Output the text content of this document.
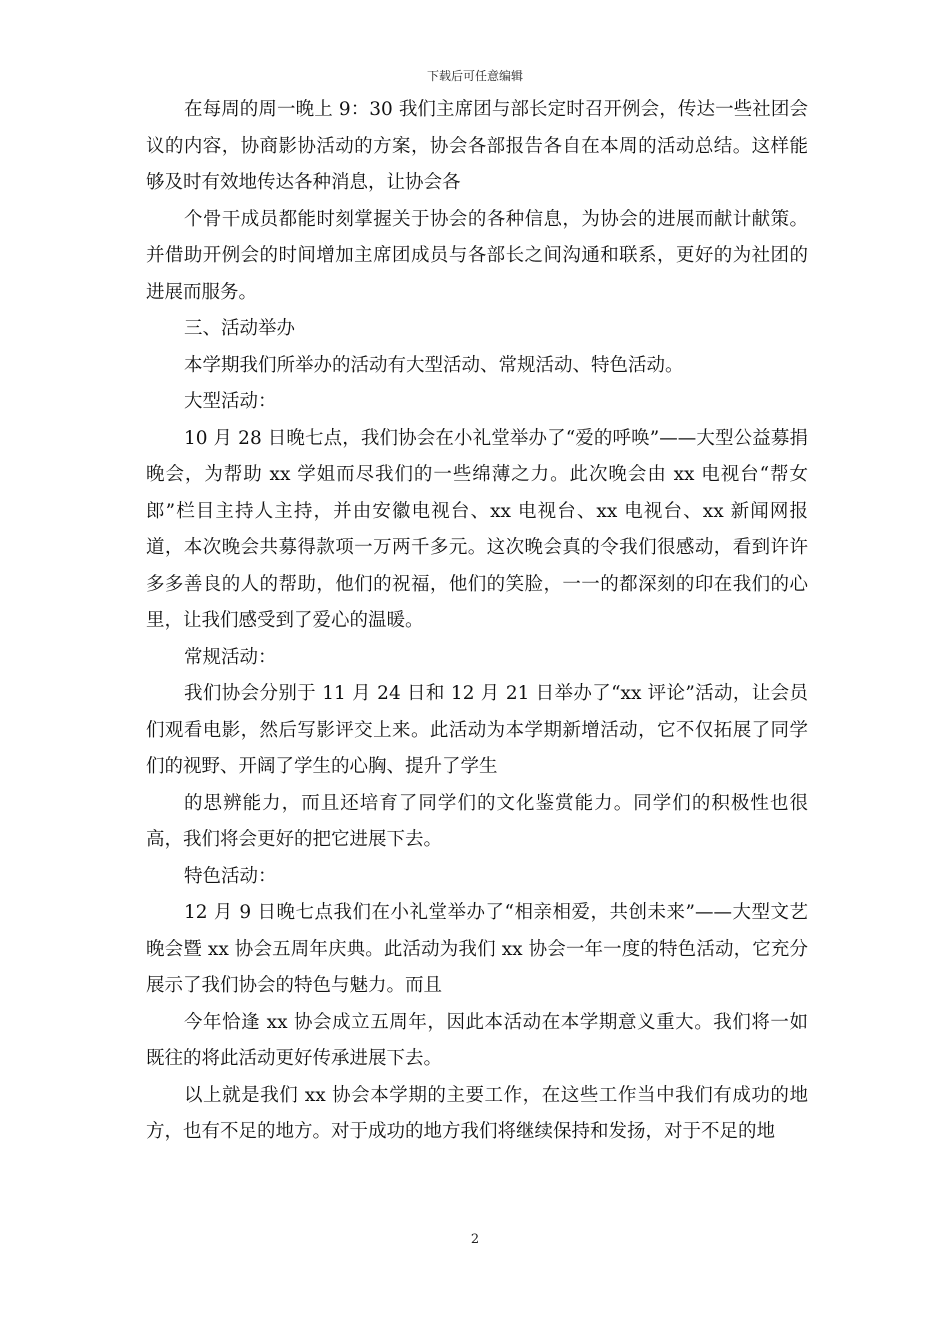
下载后可任意编辑

在每周的周一晚上 9：30 我们主席团与部长定时召开例会，传达一些社团会议的内容，协商影协活动的方案，协会各部报告各自在本周的活动总结。这样能够及时有效地传达各种消息，让协会各

个骨干成员都能时刻掌握关于协会的各种信息，为协会的进展而献计献策。并借助开例会的时间增加主席团成员与各部长之间沟通和联系，更好的为社团的进展而服务。

三、活动举办

本学期我们所举办的活动有大型活动、常规活动、特色活动。

大型活动：

10 月 28 日晚七点，我们协会在小礼堂举办了“爱的呼唤”——大型公益募捐晚会，为帮助 xx 学姐而尽我们的一些绵薄之力。此次晚会由 xx 电视台“帮女郎”栏目主持人主持，并由安徽电视台、xx 电视台、xx 电视台、xx 新闻网报道，本次晚会共募得款项一万两千多元。这次晚会真的令我们很感动，看到许许多多善良的人的帮助，他们的祝福，他们的笑脸，一一的都深刻的印在我们的心里，让我们感受到了爱心的温暖。

常规活动：

我们协会分别于 11 月 24 日和 12 月 21 日举办了“xx 评论”活动，让会员们观看电影，然后写影评交上来。此活动为本学期新增活动，它不仅拓展了同学们的视野、开阔了学生的心胸、提升了学生

的思辨能力，而且还培育了同学们的文化鉴赏能力。同学们的积极性也很高，我们将会更好的把它进展下去。

特色活动：

12 月 9 日晚七点我们在小礼堂举办了“相亲相爱，共创未来”——大型文艺晚会暨 xx 协会五周年庆典。此活动为我们 xx 协会一年一度的特色活动，它充分展示了我们协会的特色与魅力。而且

今年恰逢 xx 协会成立五周年，因此本活动在本学期意义重大。我们将一如既往的将此活动更好传承进展下去。

以上就是我们 xx 协会本学期的主要工作，在这些工作当中我们有成功的地方，也有不足的地方。对于成功的地方我们将继续保持和发扬，对于不足的地

2
